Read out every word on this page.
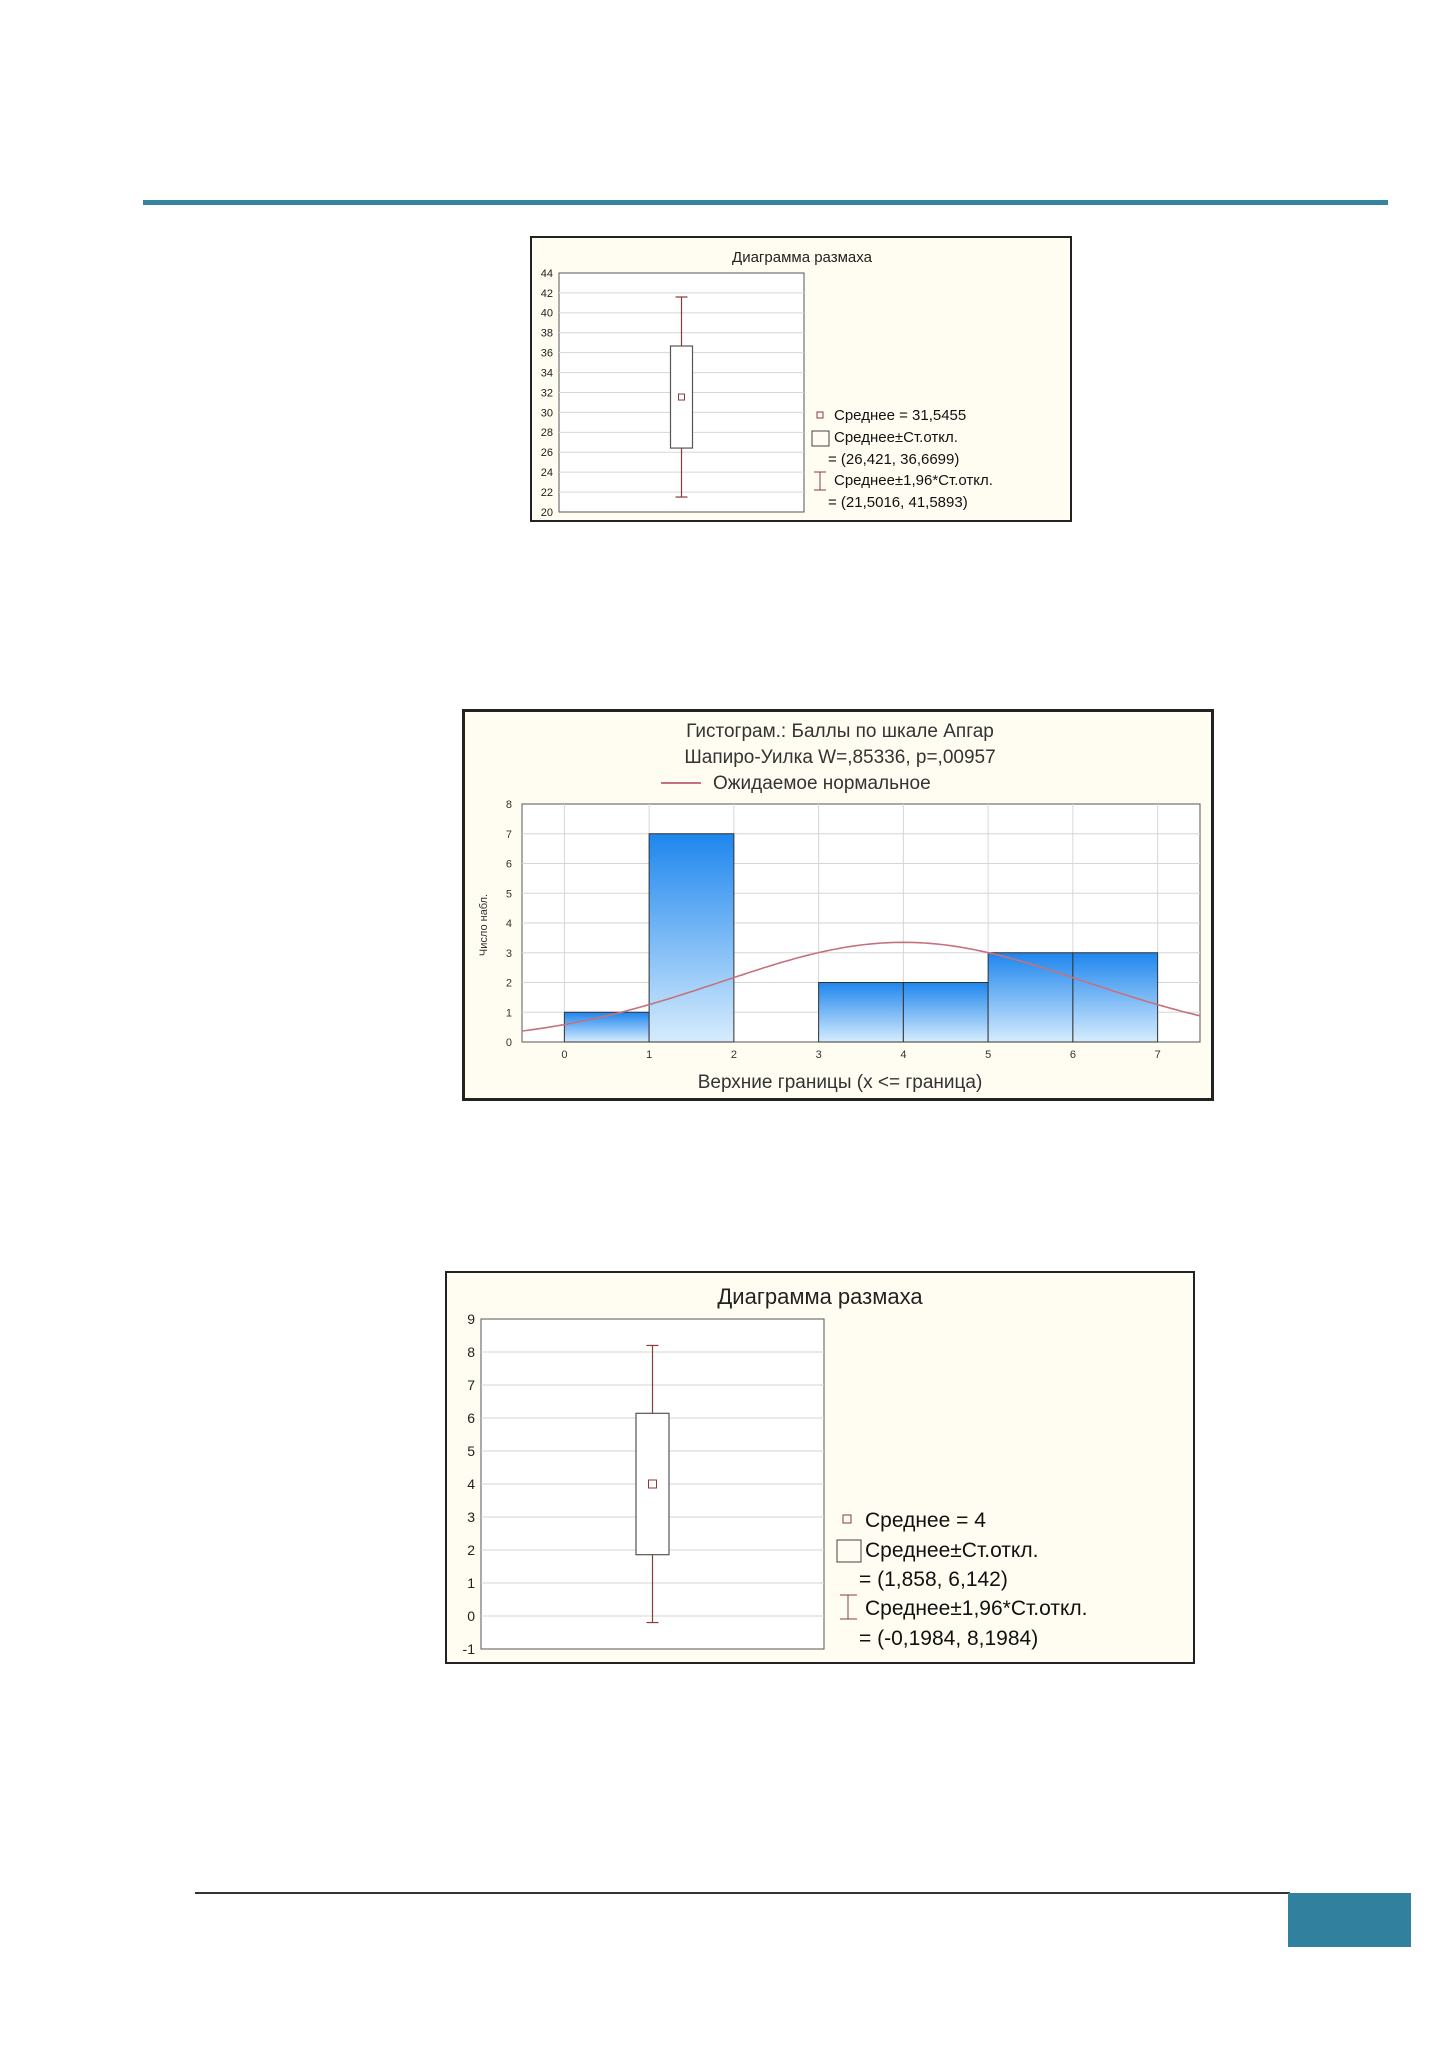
Диаграмма размаха
44
42
40
38
36
34
32
30
28
26
24
22
20
Среднее = 31,5455
Среднее±Ст.откл.
= (26,421, 36,6699)
Среднее±1,96*Ст.откл.
= (21,5016, 41,5893)
Гистограм.: Баллы по шкале Апгар
Шапиро-Уилка W=,85336, p=,00957
Ожидаемое нормальное
Число набл.
Верхние границы (x <= граница)
8
7
6
5
4
3
2
1
0
0	1	2	3	4	5	6	7
Диаграмма размаха
9
8
7
6
5
4
3
2
1
0
-1
Среднее = 4
Среднее±Ст.откл.
= (1,858, 6,142)
Среднее±1,96*Ст.откл.
= (-0,1984, 8,1984)
